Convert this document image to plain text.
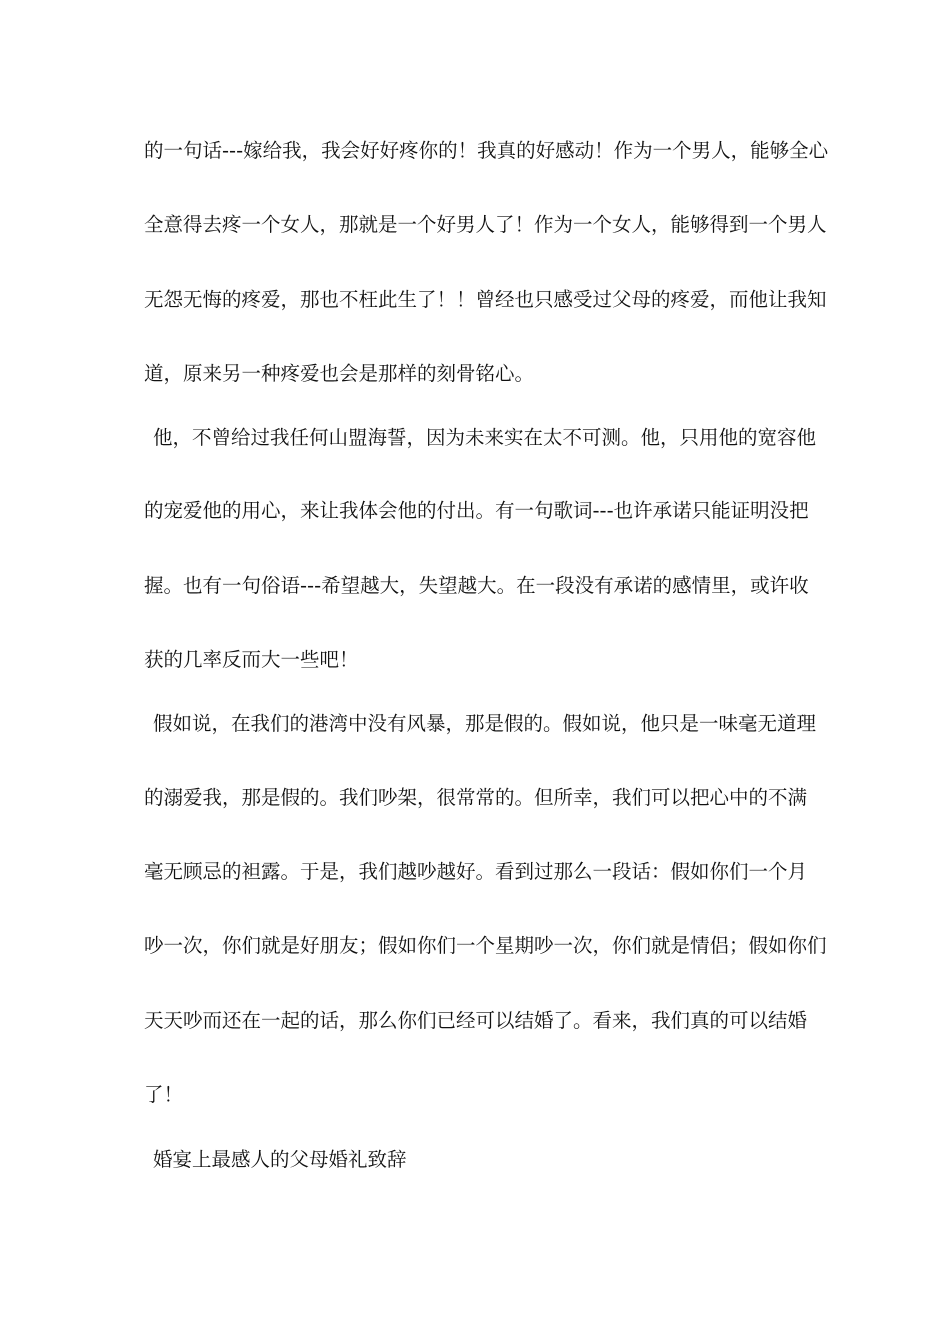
的一句话---嫁给我，我会好好疼你的！我真的好感动！作为一个男人，能够全心
全意得去疼一个女人，那就是一个好男人了！作为一个女人，能够得到一个男人
无怨无悔的疼爱，那也不枉此生了！！曾经也只感受过父母的疼爱，而他让我知
道，原来另一种疼爱也会是那样的刻骨铭心。
他，不曾给过我任何山盟海誓，因为未来实在太不可测。他，只用他的宽容他
的宠爱他的用心，来让我体会他的付出。有一句歌词---也许承诺只能证明没把
握。也有一句俗语---希望越大，失望越大。在一段没有承诺的感情里，或许收
获的几率反而大一些吧！
假如说，在我们的港湾中没有风暴，那是假的。假如说，他只是一味毫无道理
的溺爱我，那是假的。我们吵架，很常常的。但所幸，我们可以把心中的不满
毫无顾忌的袒露。于是，我们越吵越好。看到过那么一段话：假如你们一个月
吵一次，你们就是好朋友；假如你们一个星期吵一次，你们就是情侣；假如你们
天天吵而还在一起的话，那么你们已经可以结婚了。看来，我们真的可以结婚
了！
婚宴上最感人的父母婚礼致辞
